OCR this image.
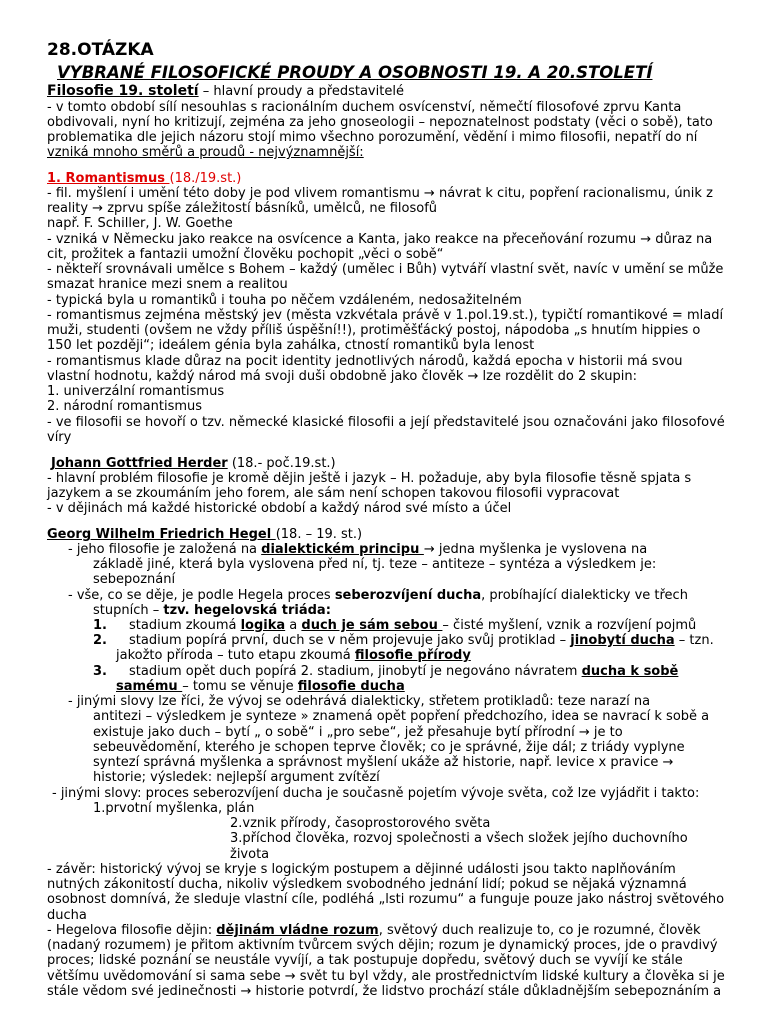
28.OTÁZKA
VYBRANÉ FILOSOFICKÉ PROUDY A OSOBNOSTI 19. A 20.STOLETÍ
Filosofie 19. století – hlavní proudy a představitelé
- v tomto období sílí nesouhlas s racionálním duchem osvícenství, němečtí filosofové zprvu Kanta
obdivovali, nyní ho kritizují, zejména za jeho gnoseologii – nepoznatelnost podstaty (věci o sobě), tato
problematika dle jejich názoru stojí mimo všechno porozumění, vědění i mimo filosofii, nepatří do ní
vzniká mnoho směrů a proudů - nejvýznamnější:
1. Romantismus (18./19.st.)
- fil. myšlení i umění této doby je pod vlivem romantismu → návrat k citu, popření racionalismu, únik z
reality → zprvu spíše záležitostí básníků, umělců, ne filosofů
např. F. Schiller, J. W. Goethe
- vzniká v Německu jako reakce na osvícence a Kanta, jako reakce na přeceňování rozumu → důraz na
cit, prožitek a fantazii umožní člověku pochopit „věci o sobě“
- někteří srovnávali umělce s Bohem – každý (umělec i Bůh) vytváří vlastní svět, navíc v umění se může
smazat hranice mezi snem a realitou
- typická byla u romantiků i touha po něčem vzdáleném, nedosažitelném
- romantismus zejména městský jev (města vzkvétala právě v 1.pol.19.st.), typičtí romantikové = mladí
muži, studenti (ovšem ne vždy příliš úspěšní!!), protiměšťácký postoj, nápodoba „s hnutím hippies o
150 let později“; ideálem génia byla zahálka, ctností romantiků byla lenost
- romantismus klade důraz na pocit identity jednotlivých národů, každá epocha v historii má svou
vlastní hodnotu, každý národ má svoji duši obdobně jako člověk → lze rozdělit do 2 skupin:
1. univerzální romantismus
2. národní romantismus
- ve filosofii se hovoří o tzv. německé klasické filosofii a její představitelé jsou označováni jako filosofové
víry
Johann Gottfried Herder (18.- poč.19.st.)
- hlavní problém filosofie je kromě dějin ještě i jazyk – H. požaduje, aby byla filosofie těsně spjata s
jazykem a se zkoumáním jeho forem, ale sám není schopen takovou filosofii vypracovat
- v dějinách má každé historické období a každý národ své místo a účel
Georg Wilhelm Friedrich Hegel (18. – 19. st.)
- jeho filosofie je založená na dialektickém principu → jedna myšlenka je vyslovena na
základě jiné, která byla vyslovena před ní, tj. teze – antiteze – syntéza a výsledkem je:
sebepoznání
- vše, co se děje, je podle Hegela proces seberozvíjení ducha, probíhající dialekticky ve třech
stupních – tzv. hegelovská triáda:
1. stadium zkoumá logika a duch je sám sebou – čisté myšlení, vznik a rozvíjení pojmů
2. stadium popírá první, duch se v něm projevuje jako svůj protiklad – jinobytí ducha – tzn.
jakožto příroda – tuto etapu zkoumá filosofie přírody
3. stadium opět duch popírá 2. stadium, jinobytí je negováno návratem ducha k sobě
samému – tomu se věnuje filosofie ducha
- jinými slovy lze říci, že vývoj se odehrává dialekticky, střetem protikladů: teze narazí na
antitezi – výsledkem je synteze » znamená opět popření předchozího, idea se navrací k sobě a
existuje jako duch – bytí „ o sobě“ i „pro sebe“, jež přesahuje bytí přírodní → je to
sebeuvědomění, kterého je schopen teprve člověk; co je správné, žije dál; z triády vyplyne
syntezí správná myšlenka a správnost myšlení ukáže až historie, např. levice x pravice →
historie; výsledek: nejlepší argument zvítězí
- jinými slovy: proces seberozvíjení ducha je současně pojetím vývoje světa, což lze vyjádřit i takto:
1.prvotní myšlenka, plán
2.vznik přírody, časoprostorového světa
3.příchod člověka, rozvoj společnosti a všech složek jejího duchovního
života
- závěr: historický vývoj se kryje s logickým postupem a dějinné události jsou takto naplňováním
nutných zákonitostí ducha, nikoliv výsledkem svobodného jednání lidí; pokud se nějaká významná
osobnost domnívá, že sleduje vlastní cíle, podléhá „lsti rozumu“ a funguje pouze jako nástroj světového
ducha
- Hegelova filosofie dějin: dějinám vládne rozum, světový duch realizuje to, co je rozumné, člověk
(nadaný rozumem) je přitom aktivním tvůrcem svých dějin; rozum je dynamický proces, jde o pravdivý
proces; lidské poznání se neustále vyvíjí, a tak postupuje dopředu, světový duch se vyvíjí ke stále
většímu uvědomování si sama sebe → svět tu byl vždy, ale prostřednictvím lidské kultury a člověka si je
stále vědom své jedinečnosti → historie potvrdí, že lidstvo prochází stále důkladnějším sebepoznáním a
